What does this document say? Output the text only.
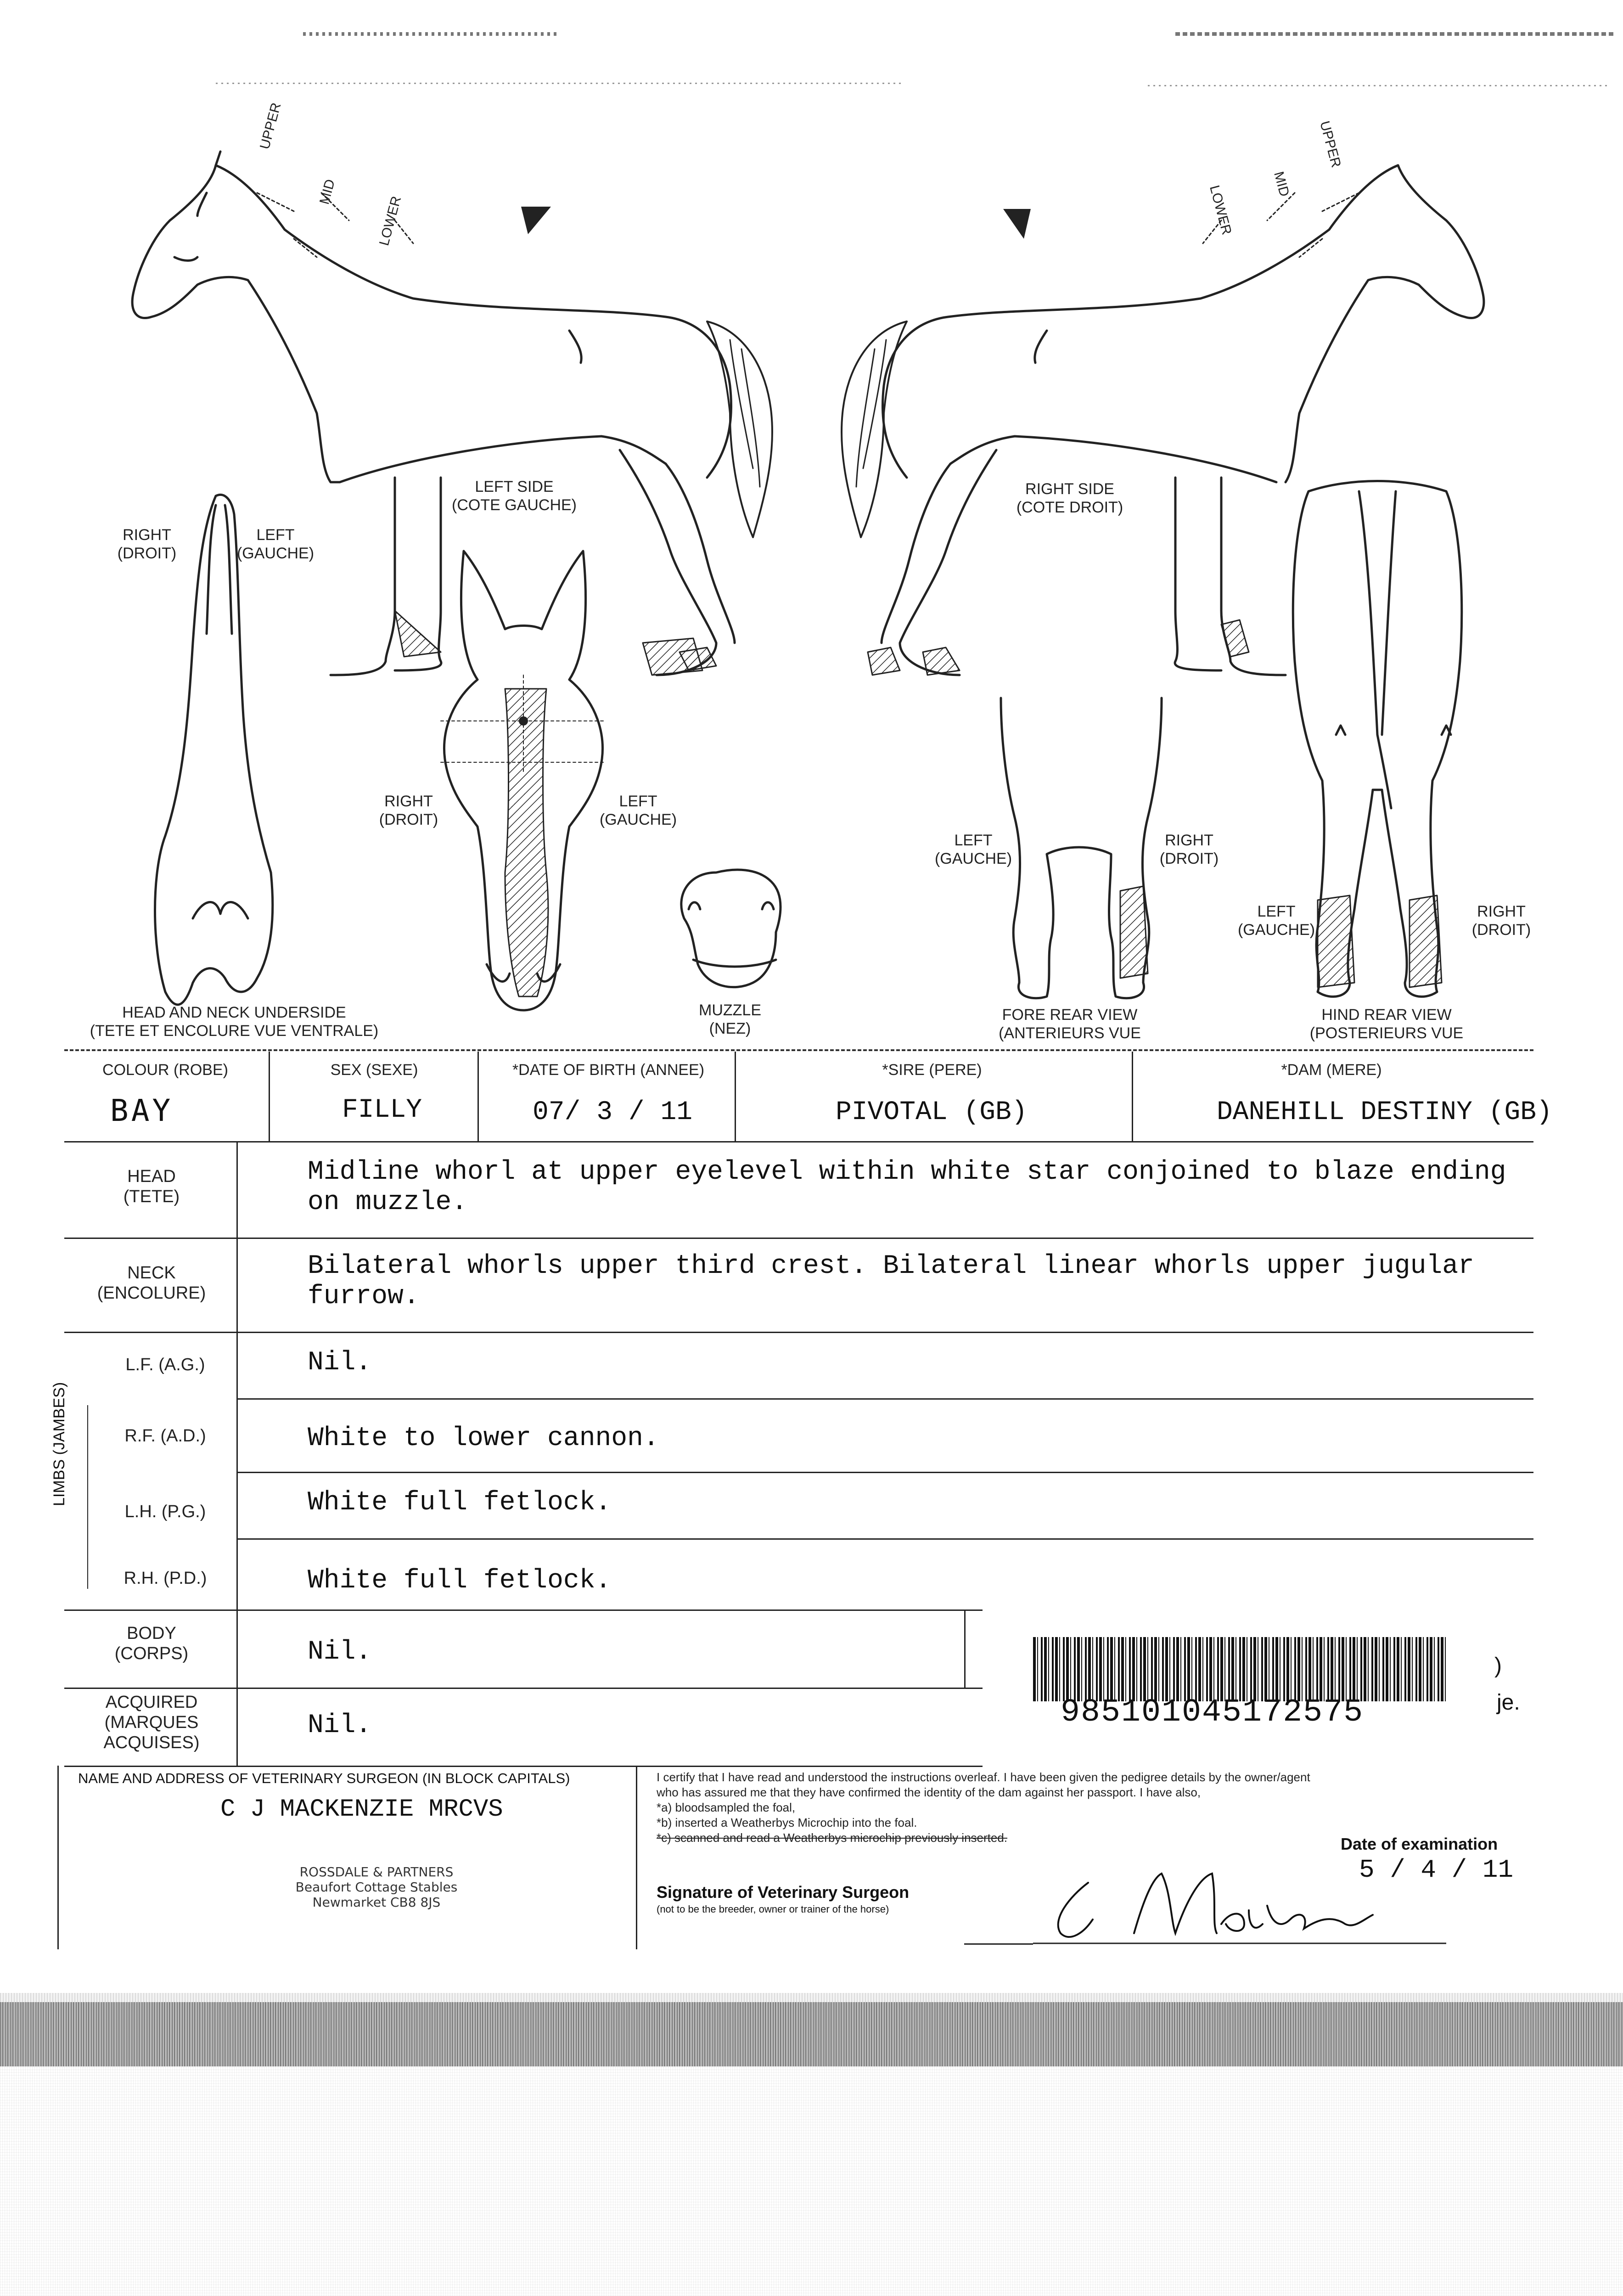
UPPER
MID
LOWER
UPPER
MID
LOWER
LEFT SIDE
(COTE GAUCHE)
RIGHT SIDE
(COTE DROIT)
RIGHT
(DROIT)
LEFT
(GAUCHE)
RIGHT
(DROIT)
LEFT
(GAUCHE)
LEFT
(GAUCHE)
RIGHT
(DROIT)
LEFT
(GAUCHE)
RIGHT
(DROIT)
HEAD AND NECK UNDERSIDE
(TETE ET ENCOLURE VUE VENTRALE)
MUZZLE
(NEZ)
FORE REAR VIEW
(ANTERIEURS VUE
HIND REAR VIEW
(POSTERIEURS VUE
COLOUR (ROBE)
BAY
SEX (SEXE)
FILLY
*DATE OF BIRTH (ANNEE)
07/ 3 / 11
*SIRE (PERE)
PIVOTAL (GB)
*DAM (MERE)
DANEHILL DESTINY (GB)
HEAD
(TETE)
Midline whorl at upper eyelevel within white star conjoined to blaze ending on muzzle.
NECK
(ENCOLURE)
Bilateral whorls upper third crest. Bilateral linear whorls upper jugular furrow.
LIMBS (JAMBES)
L.F. (A.G.)	Nil.
R.F. (A.D.)	White to lower cannon.
L.H. (P.G.)	White full fetlock.
R.H. (P.D.)	White full fetlock.
BODY
(CORPS)	Nil.
ACQUIRED
(MARQUES
ACQUISES)
Nil.	985101045172575
)
je.
NAME AND ADDRESS OF VETERINARY SURGEON (IN BLOCK CAPITALS)
C J MACKENZIE MRCVS
ROSSDALE & PARTNERS
Beaufort Cottage Stables
Newmarket CB8 8JS
I certify that I have read and understood the instructions overleaf. I have been given the pedigree details by the owner/agent
who has assured me that they have confirmed the identity of the dam against her passport. I have also,
*a) bloodsampled the foal,
*b) inserted a Weatherbys Microchip into the foal.
*c) scanned and read a Weatherbys microchip previously inserted.	Date of examination
5 / 4 / 11
Signature of Veterinary Surgeon
(not to be the breeder, owner or trainer of the horse)
